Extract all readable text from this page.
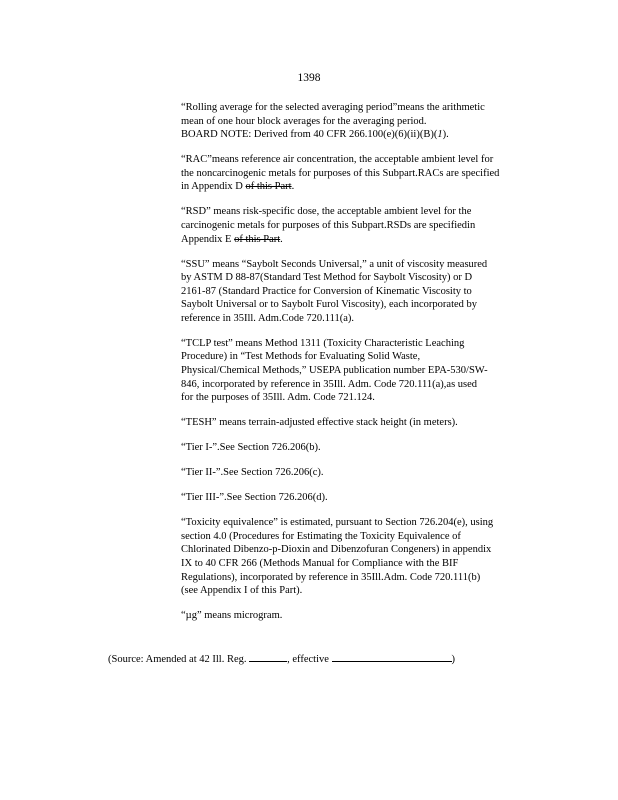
1398
“Rolling average for the selected averaging period”means the arithmetic
mean of one hour block averages for the averaging period.
BOARD NOTE: Derived from 40 CFR 266.100(e)(6)(ii)(B)(1).
“RAC”means reference air concentration, the acceptable ambient level for
the noncarcinogenic metals for purposes of this Subpart.RACs are specified
in Appendix D of this Part.
“RSD” means risk-specific dose, the acceptable ambient level for the
carcinogenic metals for purposes of this Subpart.RSDs are specifiedin
Appendix E of this Part.
“SSU” means “Saybolt Seconds Universal,” a unit of viscosity measured
by ASTM D 88-87(Standard Test Method for Saybolt Viscosity) or D
2161-87 (Standard Practice for Conversion of Kinematic Viscosity to
Saybolt Universal or to Saybolt Furol Viscosity), each incorporated by
reference in 35Ill. Adm.Code 720.111(a).
“TCLP test” means Method 1311 (Toxicity Characteristic Leaching
Procedure) in “Test Methods for Evaluating Solid Waste,
Physical/Chemical Methods,” USEPA publication number EPA-530/SW-
846, incorporated by reference in 35Ill. Adm. Code 720.111(a),as used
for the purposes of 35Ill. Adm. Code 721.124.
“TESH” means terrain-adjusted effective stack height (in meters).
“Tier I-”.See Section 726.206(b).
“Tier II-”.See Section 726.206(c).
“Tier III-”.See Section 726.206(d).
“Toxicity equivalence” is estimated, pursuant to Section 726.204(e), using
section 4.0 (Procedures for Estimating the Toxicity Equivalence of
Chlorinated Dibenzo-p-Dioxin and Dibenzofuran Congeners) in appendix
IX to 40 CFR 266 (Methods Manual for Compliance with the BIF
Regulations), incorporated by reference in 35Ill.Adm. Code 720.111(b)
(see Appendix I of this Part).
“µg” means microgram.
(Source: Amended at 42 Ill. Reg.	, effective	)
